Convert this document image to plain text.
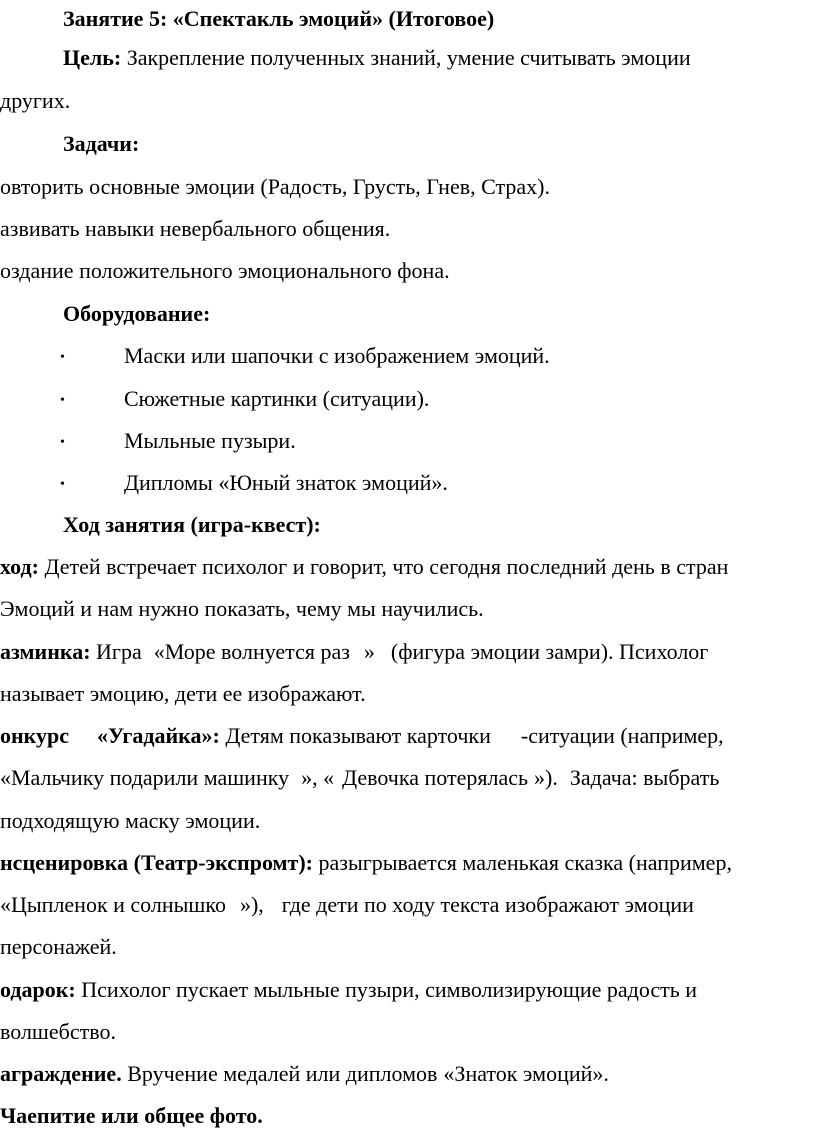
Занятие 5: «Спектакль эмоций» (Итоговое)
Цель: Закрепление полученных знаний, умение считывать эмоции
других.
Задачи:
овторить основные эмоции (Радость, Грусть, Гнев, Страх).
азвивать навыки невербального общения.
оздание положительного эмоционального фона.
Оборудование:
•	Маски или шапочки с изображением эмоций.
•	Сюжетные картинки (ситуации).
•	Мыльные пузыри.
•	Дипломы «Юный знаток эмоций».
Ход занятия (игра-квест):
ход: Детей встречает психолог и говорит, что сегодня последний день в стран
Эмоций и нам нужно показать, чему мы научились.
азминка: Игра «Море волнуется раз » (фигура эмоции замри). Психолог
называет эмоцию, дети ее изображают.
онкурс «Угадайка»: Детям показывают карточки -ситуации (например,
«Мальчику подарили машинку », « Девочка потерялась »). Задача: выбрать
подходящую маску эмоции.
нсценировка (Театр-экспромт): разыгрывается маленькая сказка (например,
«Цыпленок и солнышко »), где дети по ходу текста изображают эмоции
персонажей.
одарок: Психолог пускает мыльные пузыри, символизирующие радость и
волшебство.
аграждение. Вручение медалей или дипломов «Знаток эмоций».
Чаепитие или общее фото.
